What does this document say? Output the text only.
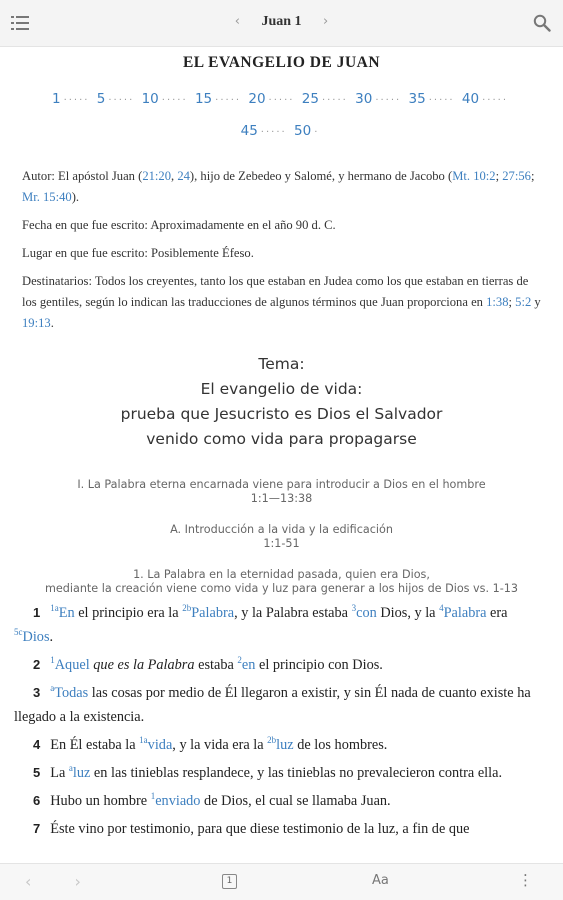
‹ Juan 1 ›
EL EVANGELIO DE JUAN
1 ····· 5 ····· 10 ····· 15 ····· 20 ····· 25 ····· 30 ····· 35 ····· 40 ·····
45 ····· 50 ·

Autor: El apóstol Juan (21:20, 24), hijo de Zebedeo y Salomé, y hermano de Jacobo (Mt. 10:2; 27:56; Mr. 15:40).

Fecha en que fue escrito: Aproximadamente en el año 90 d. C.

Lugar en que fue escrito: Posiblemente Éfeso.

Destinatarios: Todos los creyentes, tanto los que estaban en Judea como los que estaban en tierras de los gentiles, según lo indican las traducciones de algunos términos que Juan proporciona en 1:38; 5:2 y 19:13.

Tema:
El evangelio de vida:
prueba que Jesucristo es Dios el Salvador
venido como vida para propagarse
I. La Palabra eterna encarnada viene para introducir a Dios en el hombre
1:1—13:38
A. Introducción a la vida y la edificación
1:1-51
1. La Palabra en la eternidad pasada, quien era Dios,
mediante la creación viene como vida y luz para generar a los hijos de Dios vs. 1-13
1 $^{1a}$En el principio era la $^{2b}$Palabra, y la Palabra estaba $^3$con Dios, y la $^4$Palabra era $^{5c}$Dios.
2 $^1$Aquel que es la Palabra estaba $^2$en el principio con Dios.
3 $^a$Todas las cosas por medio de Él llegaron a existir, y sin Él nada de cuanto existe ha llegado a la existencia.
4 En Él estaba la $^{1a}$vida, y la vida era la $^{2b}$luz de los hombres.
5 La $^a$luz en las tinieblas resplandece, y las tinieblas no prevalecieron contra ella.
6 Hubo un hombre $^1$enviado de Dios, el cual se llamaba Juan.
7 Éste vino por testimonio, para que diese testimonio de la luz, a fin de que
‹	›	1	Aa	⋮
